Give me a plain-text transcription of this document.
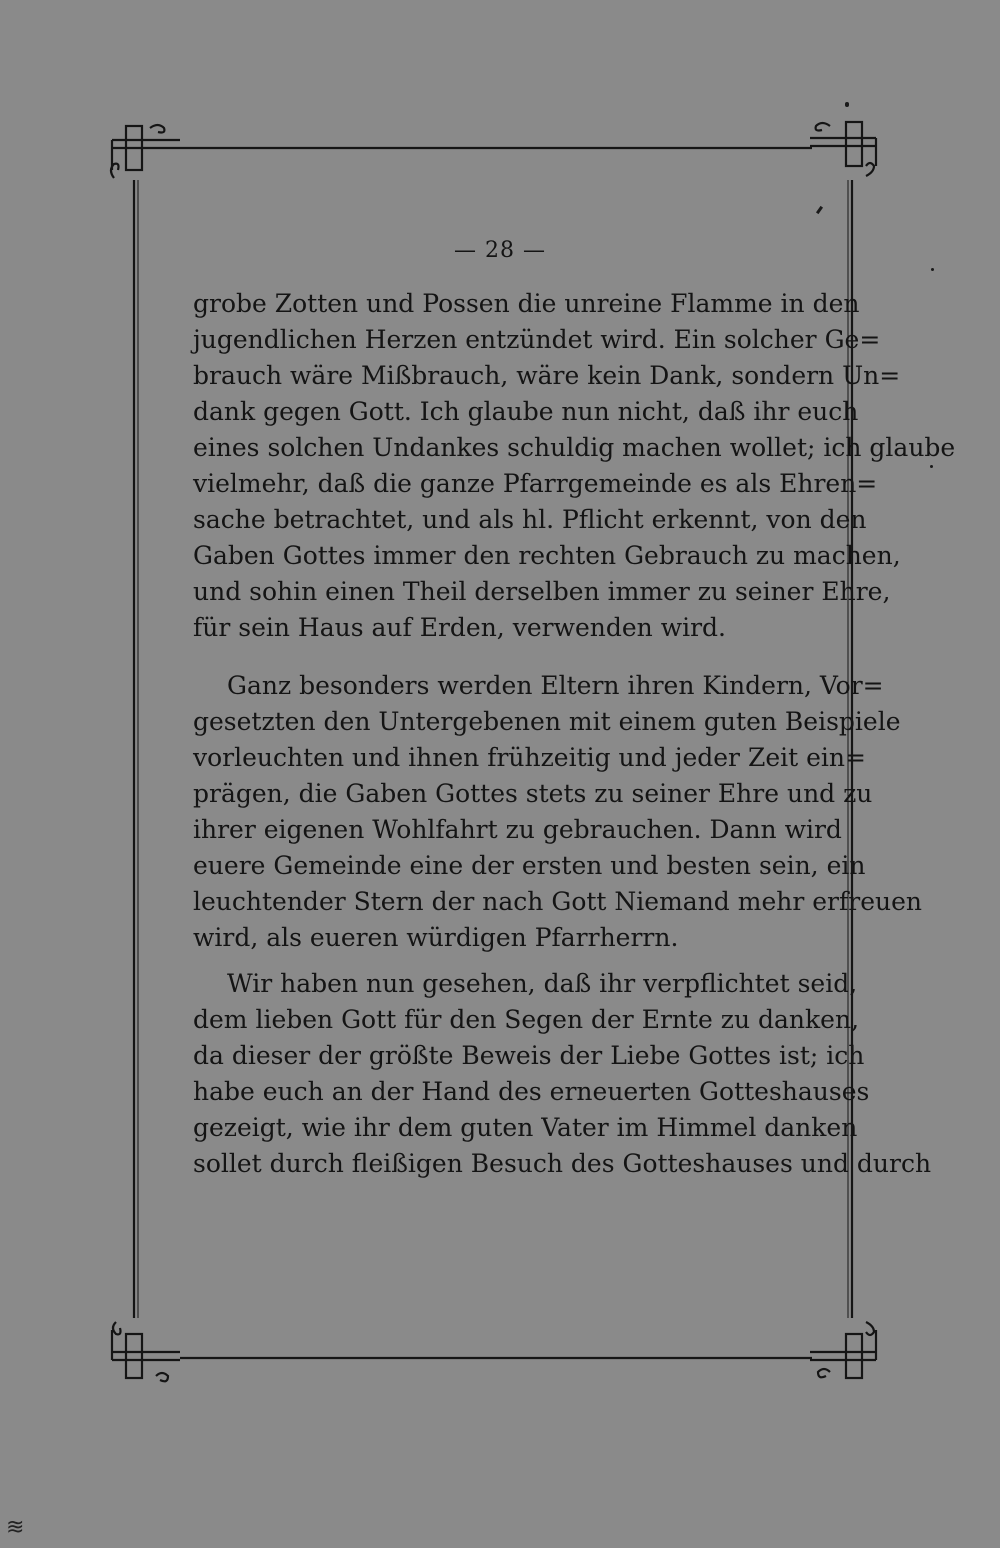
≋
— 28 —
grobe Zotten und Possen die unreine Flamme in den
jugendlichen Herzen entzündet wird. Ein solcher Ge=
brauch wäre Mißbrauch, wäre kein Dank, sondern Un=
dank gegen Gott. Ich glaube nun nicht, daß ihr euch
eines solchen Undankes schuldig machen wollet; ich glaube
vielmehr, daß die ganze Pfarrgemeinde es als Ehren=
sache betrachtet, und als hl. Pflicht erkennt, von den
Gaben Gottes immer den rechten Gebrauch zu machen,
und sohin einen Theil derselben immer zu seiner Ehre,
für sein Haus auf Erden, verwenden wird.
Ganz besonders werden Eltern ihren Kindern, Vor=
gesetzten den Untergebenen mit einem guten Beispiele
vorleuchten und ihnen frühzeitig und jeder Zeit ein=
prägen, die Gaben Gottes stets zu seiner Ehre und zu
ihrer eigenen Wohlfahrt zu gebrauchen. Dann wird
euere Gemeinde eine der ersten und besten sein, ein
leuchtender Stern der nach Gott Niemand mehr erfreuen
wird, als eueren würdigen Pfarrherrn.
Wir haben nun gesehen, daß ihr verpflichtet seid,
dem lieben Gott für den Segen der Ernte zu danken,
da dieser der größte Beweis der Liebe Gottes ist; ich
habe euch an der Hand des erneuerten Gotteshauses
gezeigt, wie ihr dem guten Vater im Himmel danken
sollet durch fleißigen Besuch des Gotteshauses und durch
